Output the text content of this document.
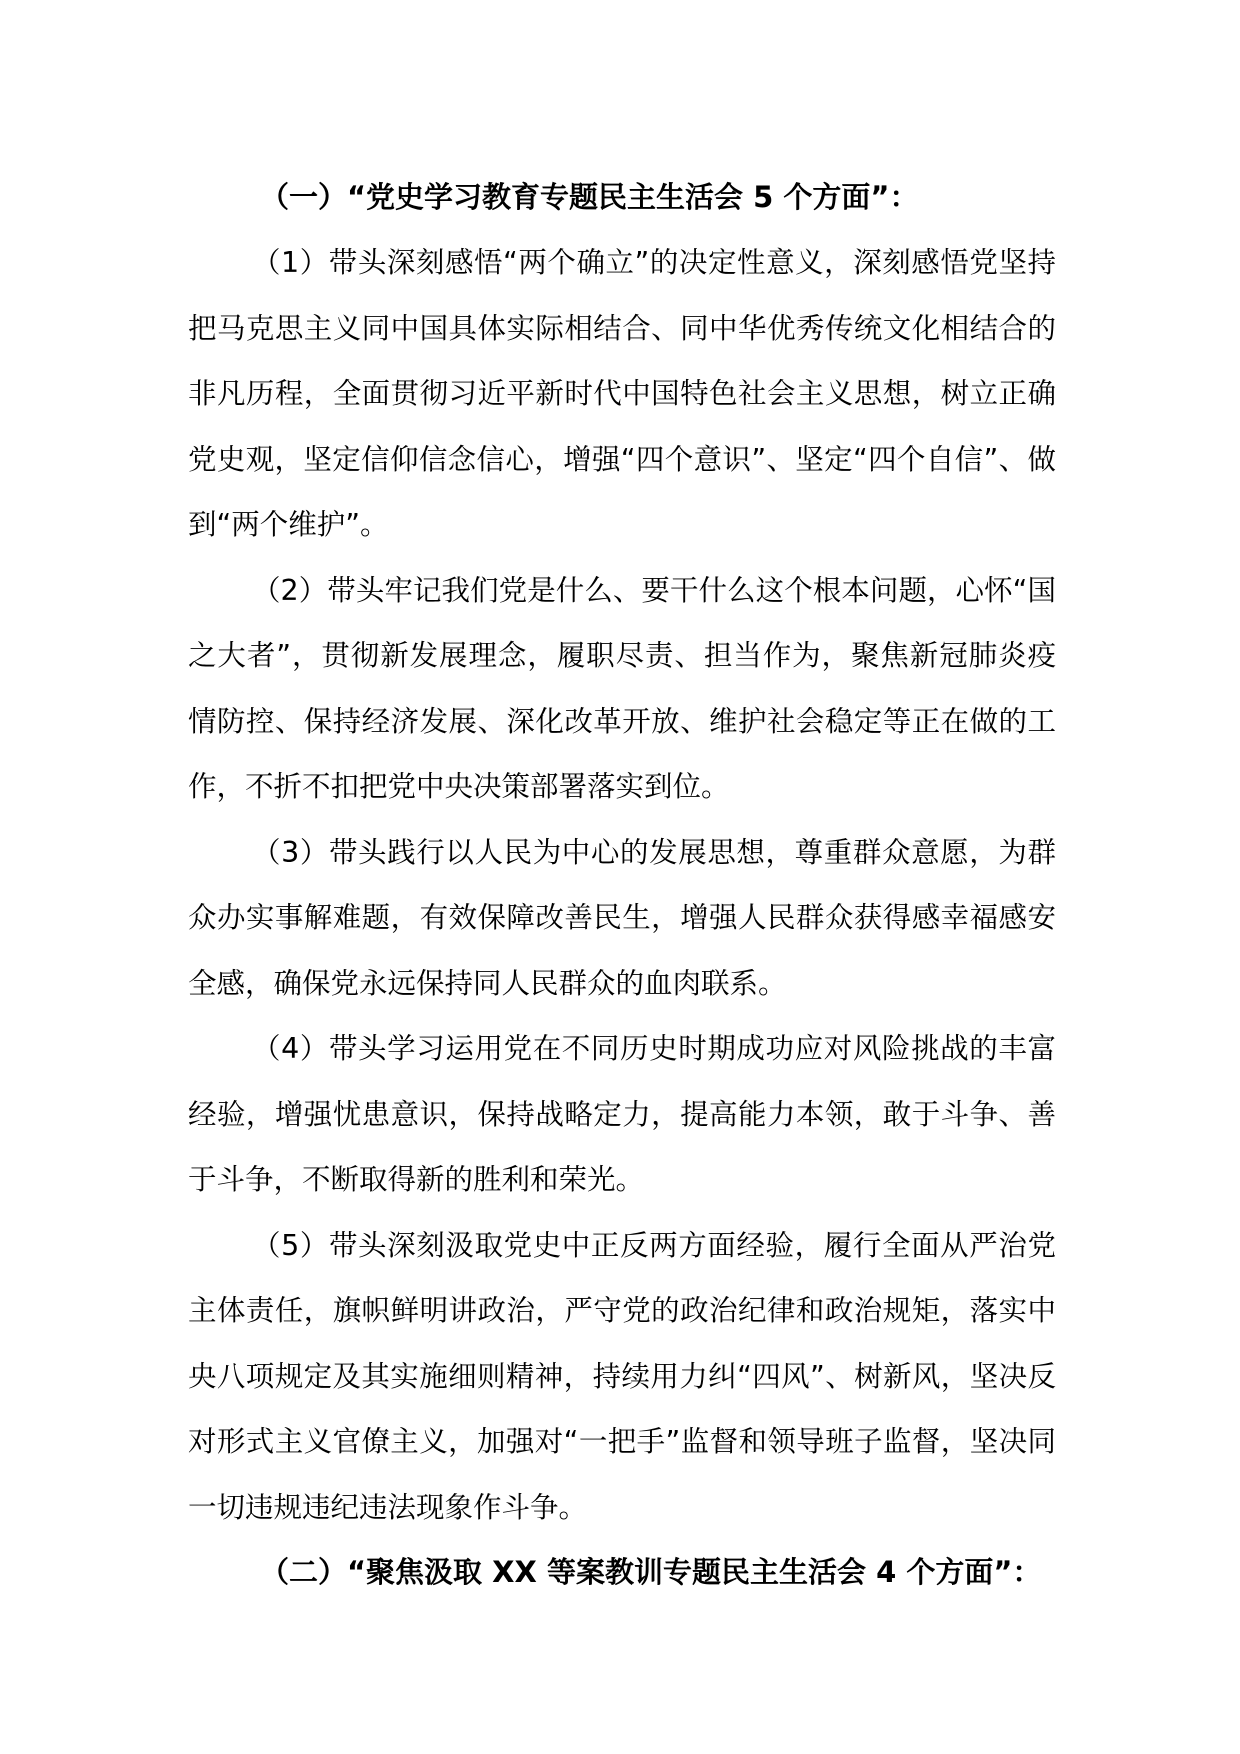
（一）“党史学习教育专题民主生活会 5 个方面”：

（1）带头深刻感悟“两个确立”的决定性意义，深刻感悟党坚持把马克思主义同中国具体实际相结合、同中华优秀传统文化相结合的非凡历程，全面贯彻习近平新时代中国特色社会主义思想，树立正确党史观，坚定信仰信念信心，增强“四个意识”、坚定“四个自信”、做到“两个维护”。

（2）带头牢记我们党是什么、要干什么这个根本问题，心怀“国之大者”，贯彻新发展理念，履职尽责、担当作为，聚焦新冠肺炎疫情防控、保持经济发展、深化改革开放、维护社会稳定等正在做的工作，不折不扣把党中央决策部署落实到位。

（3）带头践行以人民为中心的发展思想，尊重群众意愿，为群众办实事解难题，有效保障改善民生，增强人民群众获得感幸福感安全感，确保党永远保持同人民群众的血肉联系。

（4）带头学习运用党在不同历史时期成功应对风险挑战的丰富经验，增强忧患意识，保持战略定力，提高能力本领，敢于斗争、善于斗争，不断取得新的胜利和荣光。

（5）带头深刻汲取党史中正反两方面经验，履行全面从严治党主体责任，旗帜鲜明讲政治，严守党的政治纪律和政治规矩，落实中央八项规定及其实施细则精神，持续用力纠“四风”、树新风，坚决反对形式主义官僚主义，加强对“一把手”监督和领导班子监督，坚决同一切违规违纪违法现象作斗争。

（二）“聚焦汲取 XX 等案教训专题民主生活会 4 个方面”：
